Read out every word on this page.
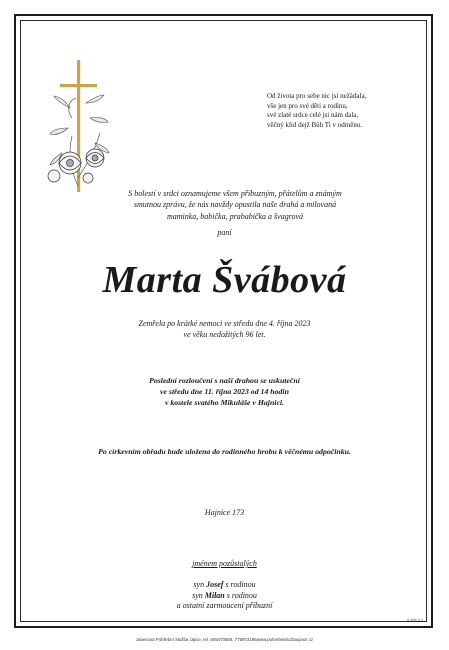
Od života pro sebe nic jsi nežádala,
vše jen pro své děti a rodinu,
své zlaté srdce celé jsi nám dala,
věčný klid dejž Bůh Ti v odměnu.
S bolestí v srdci oznamujeme všem příbuzným, přátelům a známým
smutnou zprávu, že nás navždy opustila naše drahá a milovaná
maminka, babička, prababička a švagrová
paní
Marta Švábová
Zemřela po krátké nemoci ve středu dne 4. října 2023
ve věku nedožitých 96 let.
Poslední rozloučení s naší drahou se uskuteční
ve středu dne 11. října 2023 od 14 hodin
v kostele svatého Mikuláše v Hajnici.
Po církevním obřadu bude uložena do rodinného hrobu k věčnému odpočinku.
Hajnice 173
jménem pozůstalých
syn Josef s rodinou
syn Milan s rodinou
a ostatní zarmoucení příbuzní
A-469-O-1
Janesova Pohřební Služba Úpice, tel. 605470505, 775972195www.pohrebnisluzbaupice.cz
